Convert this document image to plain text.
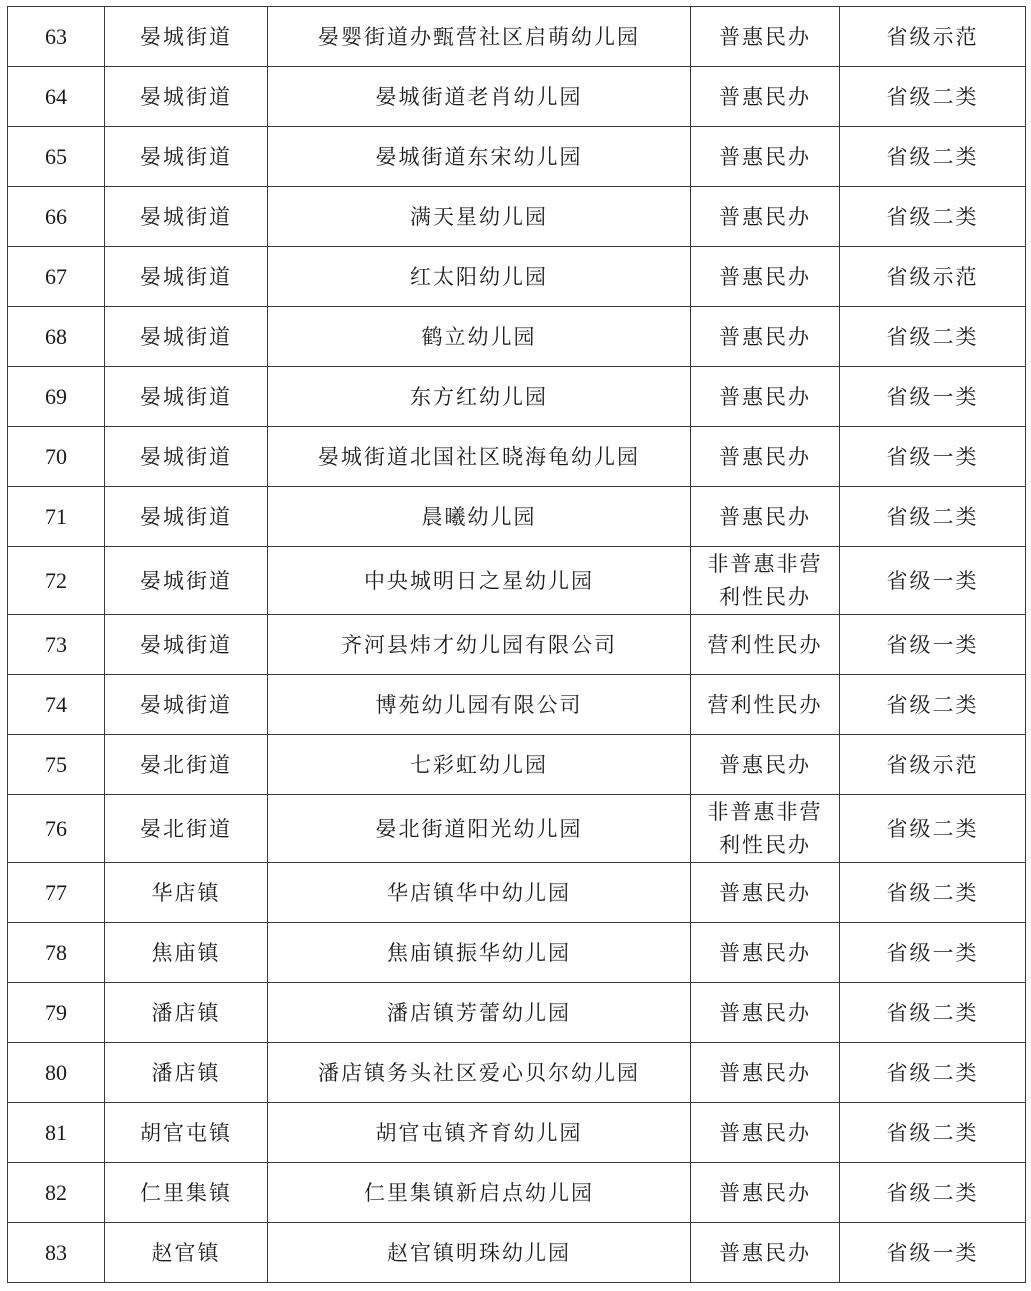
63	晏城街道	晏婴街道办甄营社区启萌幼儿园	普惠民办	省级示范
64	晏城街道	晏城街道老肖幼儿园	普惠民办	省级二类
65	晏城街道	晏城街道东宋幼儿园	普惠民办	省级二类
66	晏城街道	满天星幼儿园	普惠民办	省级二类
67	晏城街道	红太阳幼儿园	普惠民办	省级示范
68	晏城街道	鹤立幼儿园	普惠民办	省级二类
69	晏城街道	东方红幼儿园	普惠民办	省级一类
70	晏城街道	晏城街道北国社区晓海龟幼儿园	普惠民办	省级一类
71	晏城街道	晨曦幼儿园	普惠民办	省级二类
72	晏城街道	中央城明日之星幼儿园	非普惠非营利性民办	省级一类
73	晏城街道	齐河县炜才幼儿园有限公司	营利性民办	省级一类
74	晏城街道	博苑幼儿园有限公司	营利性民办	省级二类
75	晏北街道	七彩虹幼儿园	普惠民办	省级示范
76	晏北街道	晏北街道阳光幼儿园	非普惠非营利性民办	省级二类
77	华店镇	华店镇华中幼儿园	普惠民办	省级二类
78	焦庙镇	焦庙镇振华幼儿园	普惠民办	省级一类
79	潘店镇	潘店镇芳蕾幼儿园	普惠民办	省级二类
80	潘店镇	潘店镇务头社区爱心贝尔幼儿园	普惠民办	省级二类
81	胡官屯镇	胡官屯镇齐育幼儿园	普惠民办	省级二类
82	仁里集镇	仁里集镇新启点幼儿园	普惠民办	省级二类
83	赵官镇	赵官镇明珠幼儿园	普惠民办	省级一类
